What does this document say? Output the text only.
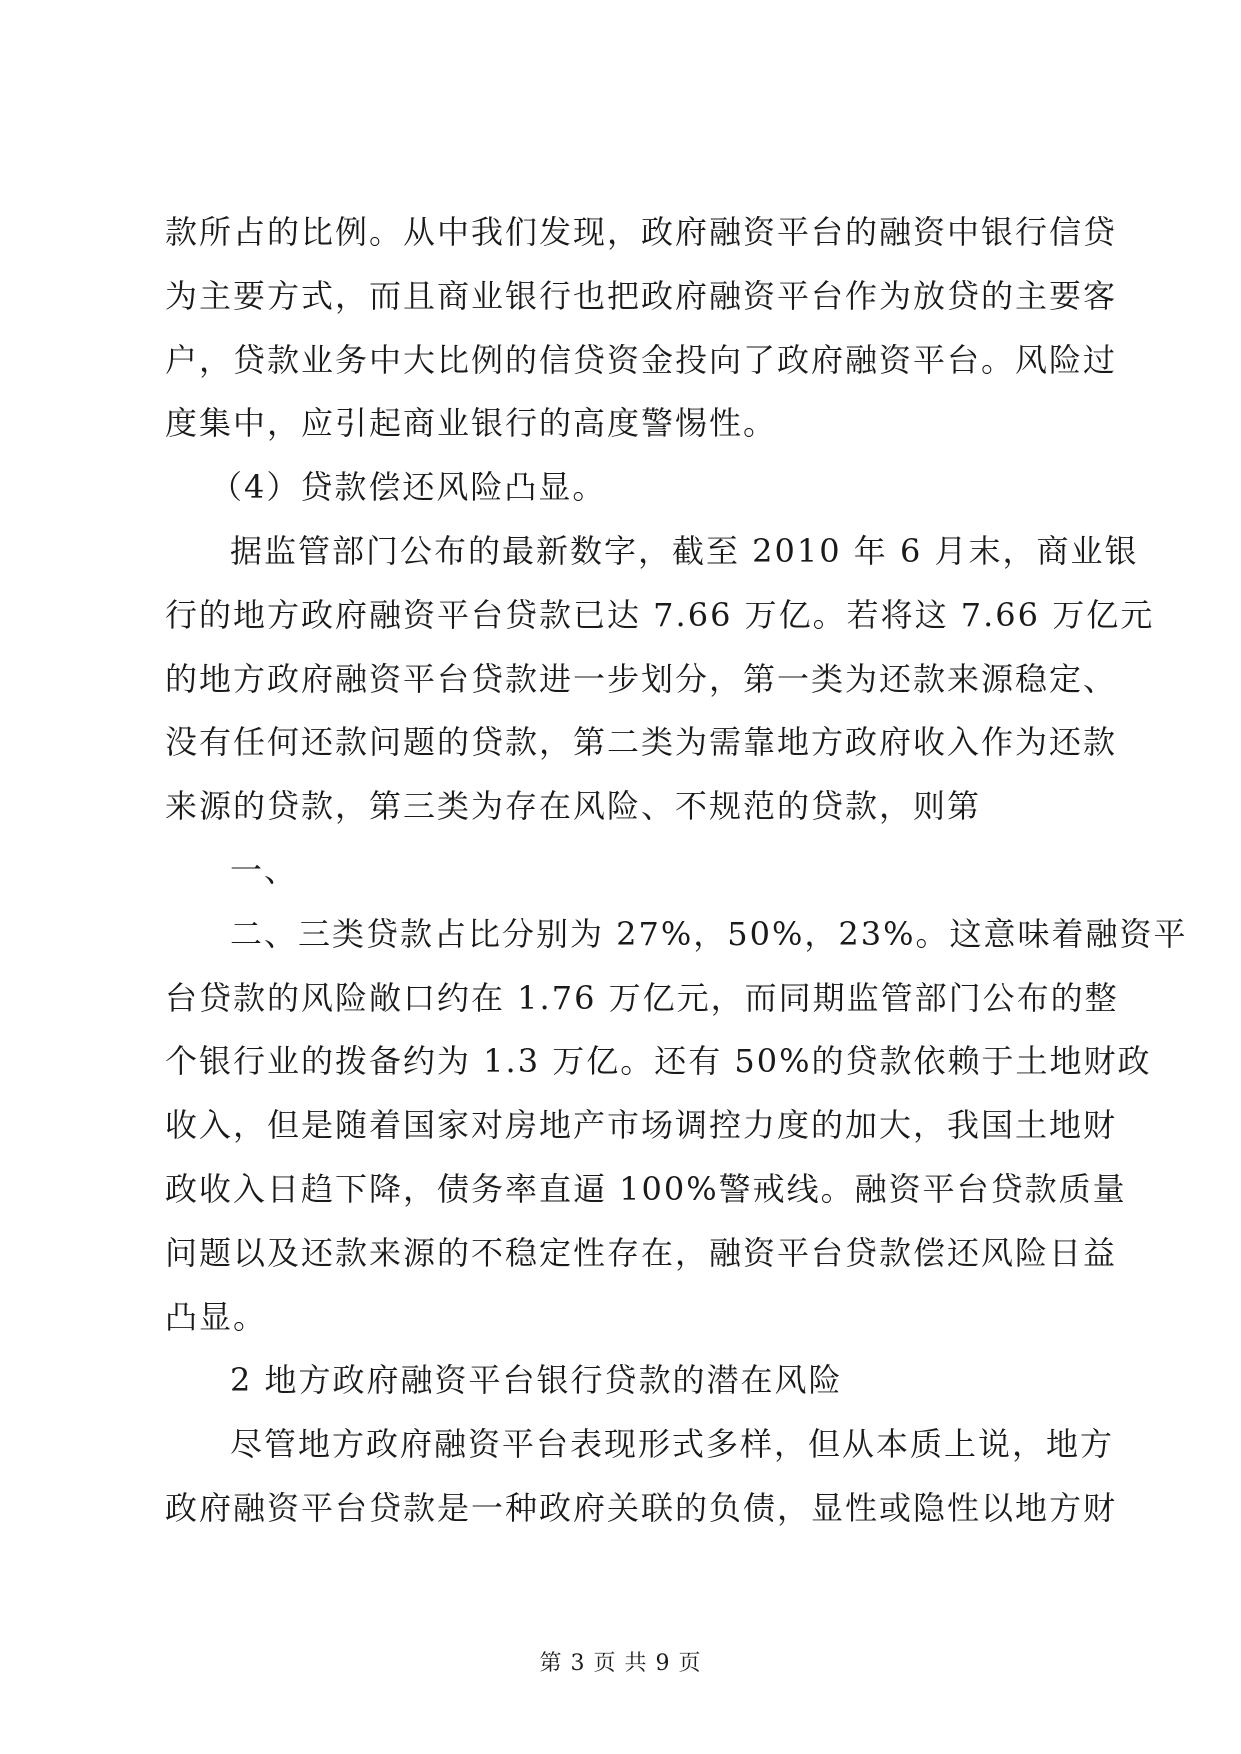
款所占的比例。从中我们发现，政府融资平台的融资中银行信贷
为主要方式，而且商业银行也把政府融资平台作为放贷的主要客
户，贷款业务中大比例的信贷资金投向了政府融资平台。风险过
度集中，应引起商业银行的高度警惕性。
（4）贷款偿还风险凸显。
据监管部门公布的最新数字，截至 2010 年 6 月末，商业银
行的地方政府融资平台贷款已达 7.66 万亿。若将这 7.66 万亿元
的地方政府融资平台贷款进一步划分，第一类为还款来源稳定、
没有任何还款问题的贷款，第二类为需靠地方政府收入作为还款
来源的贷款，第三类为存在风险、不规范的贷款，则第
一、
二、三类贷款占比分别为 27%，50%，23%。这意味着融资平
台贷款的风险敞口约在 1.76 万亿元，而同期监管部门公布的整
个银行业的拨备约为 1.3 万亿。还有 50%的贷款依赖于土地财政
收入，但是随着国家对房地产市场调控力度的加大，我国土地财
政收入日趋下降，债务率直逼 100%警戒线。融资平台贷款质量
问题以及还款来源的不稳定性存在，融资平台贷款偿还风险日益
凸显。
2 地方政府融资平台银行贷款的潜在风险
尽管地方政府融资平台表现形式多样，但从本质上说，地方
政府融资平台贷款是一种政府关联的负债，显性或隐性以地方财
第 3 页 共 9 页
